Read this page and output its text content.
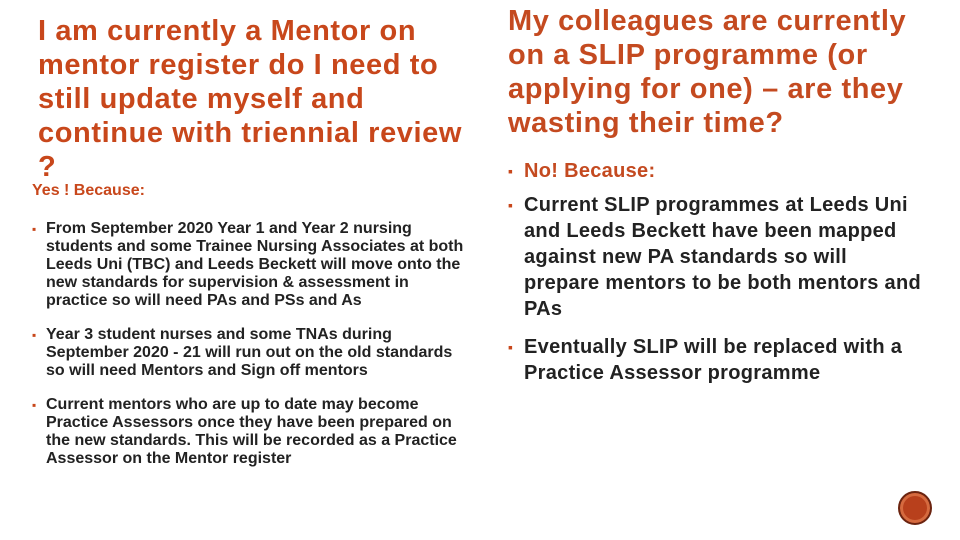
I am currently a Mentor on mentor register do I need to still update myself and continue with triennial review ?
Yes ! Because:
▪ From September 2020 Year 1 and Year 2 nursing students and some Trainee Nursing Associates at both Leeds Uni (TBC) and Leeds Beckett will move onto the new standards for supervision & assessment in practice so will need PAs and PSs and As
▪ Year 3 student nurses and some TNAs during September 2020 - 21 will run out on the old standards so will need Mentors and Sign off mentors
▪ Current mentors who are up to date may become Practice Assessors once they have been prepared on the new standards. This will be recorded as a Practice Assessor on the Mentor register
My colleagues are currently on a SLIP programme (or applying for one) – are they wasting their time?
▪ No! Because:
▪ Current SLIP programmes at Leeds Uni and Leeds Beckett have been mapped against new PA standards so will prepare mentors to be both mentors and PAs
▪ Eventually SLIP will be replaced with a Practice Assessor programme
